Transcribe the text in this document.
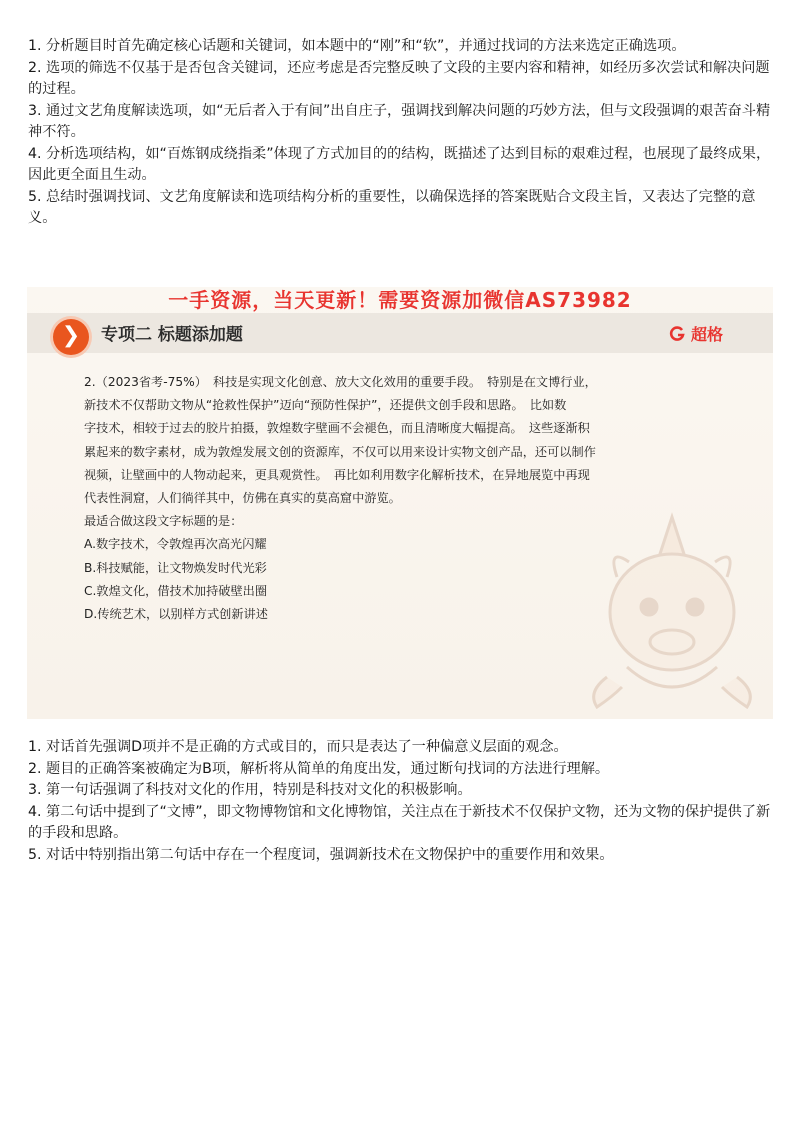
1. 分析题目时首先确定核心话题和关键词，如本题中的“刚”和“软”，并通过找词的方法来选定正确选项。

2. 选项的筛选不仅基于是否包含关键词，还应考虑是否完整反映了文段的主要内容和精神，如经历多次尝试和解决问题的过程。

3. 通过文艺角度解读选项，如“无后者入于有间”出自庄子，强调找到解决问题的巧妙方法，但与文段强调的艰苦奋斗精神不符。

4. 分析选项结构，如“百炼钢成绕指柔”体现了方式加目的的结构，既描述了达到目标的艰难过程，也展现了最终成果，因此更全面且生动。

5. 总结时强调找词、文艺角度解读和选项结构分析的重要性，以确保选择的答案既贴合文段主旨，又表达了完整的意义。

一手资源，当天更新！需要资源加微信AS73982
❯	专项二 标题添加题	超格

2.（2023省考-75%）　科技是实现文化创意、放大文化效用的重要手段。　特别是在文博行业，

新技术不仅帮助文物从“抢救性保护”迈向“预防性保护”，还提供文创手段和思路。　比如数

字技术，相较于过去的胶片拍摄，敦煌数字壁画不会褪色，而且清晰度大幅提高。　这些逐渐积

累起来的数字素材，成为敦煌发展文创的资源库，不仅可以用来设计实物文创产品，还可以制作

视频，让壁画中的人物动起来，更具观赏性。　再比如利用数字化解析技术，在异地展览中再现

代表性洞窟，人们徜徉其中，仿佛在真实的莫高窟中游览。

最适合做这段文字标题的是：

A.数字技术，令敦煌再次高光闪耀

B.科技赋能，让文物焕发时代光彩

C.敦煌文化，借技术加持破壁出圈

D.传统艺术，以别样方式创新讲述

1. 对话首先强调D项并不是正确的方式或目的，而只是表达了一种偏意义层面的观念。

2. 题目的正确答案被确定为B项，解析将从简单的角度出发，通过断句找词的方法进行理解。

3. 第一句话强调了科技对文化的作用，特别是科技对文化的积极影响。

4. 第二句话中提到了“文博”，即文物博物馆和文化博物馆，关注点在于新技术不仅保护文物，还为文物的保护提供了新的手段和思路。

5. 对话中特别指出第二句话中存在一个程度词，强调新技术在文物保护中的重要作用和效果。
